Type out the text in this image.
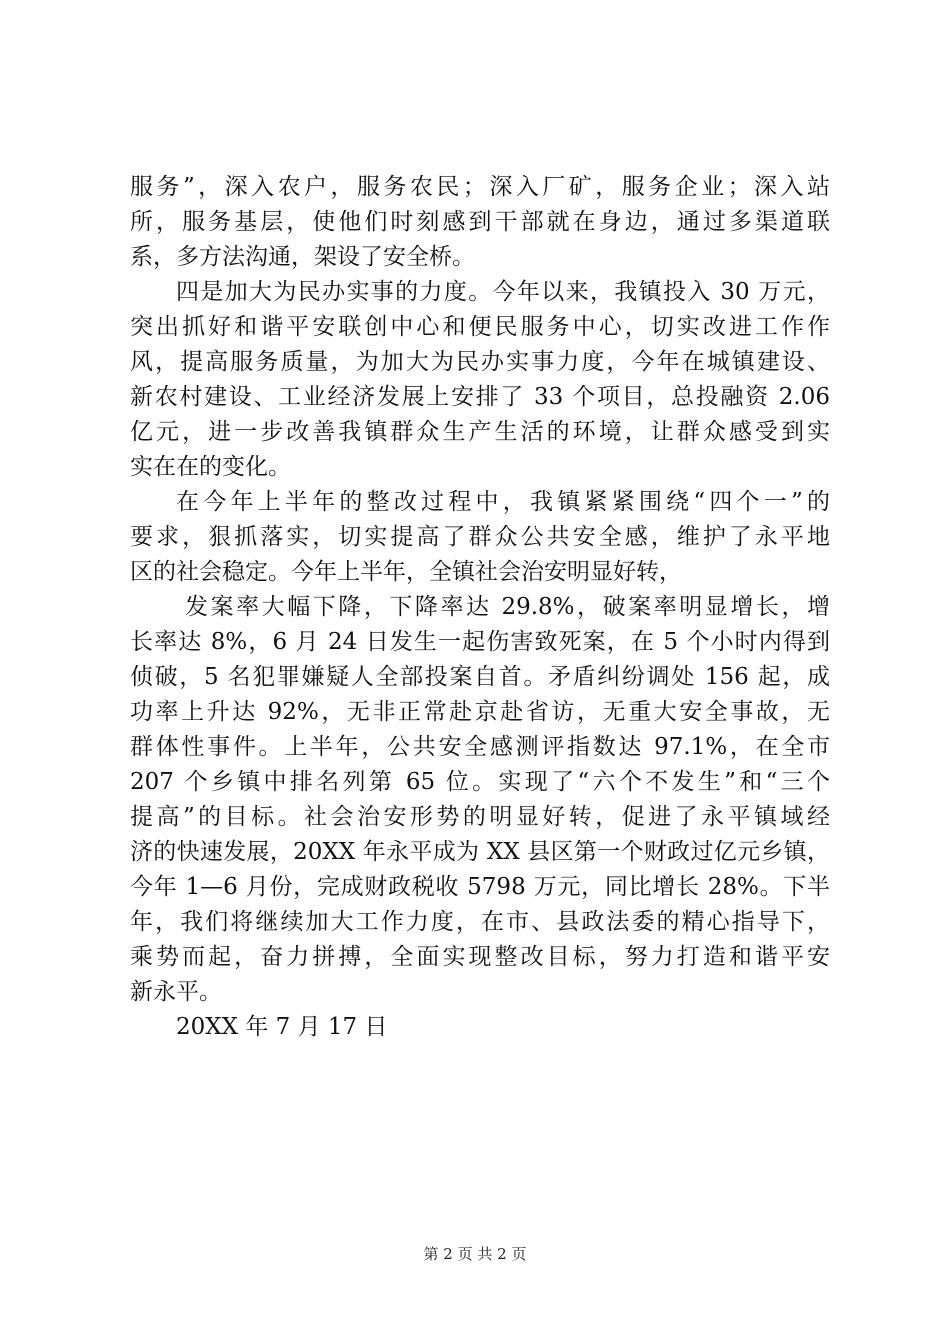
服务”，深入农户，服务农民；深入厂矿，服务企业；深入站
所，服务基层，使他们时刻感到干部就在身边，通过多渠道联
系，多方法沟通，架设了安全桥。
四是加大为民办实事的力度。今年以来，我镇投入 30 万元，
突出抓好和谐平安联创中心和便民服务中心，切实改进工作作
风，提高服务质量，为加大为民办实事力度，今年在城镇建设、
新农村建设、工业经济发展上安排了 33 个项目，总投融资 2.06
亿元，进一步改善我镇群众生产生活的环境，让群众感受到实
实在在的变化。
在今年上半年的整改过程中，我镇紧紧围绕“四个一”的
要求，狠抓落实，切实提高了群众公共安全感，维护了永平地
区的社会稳定。今年上半年，全镇社会治安明显好转，
发案率大幅下降，下降率达 29.8%，破案率明显增长，增
长率达 8%，6 月 24 日发生一起伤害致死案，在 5 个小时内得到
侦破，5 名犯罪嫌疑人全部投案自首。矛盾纠纷调处 156 起，成
功率上升达 92%，无非正常赴京赴省访，无重大安全事故，无
群体性事件。上半年，公共安全感测评指数达 97.1%，在全市
207 个乡镇中排名列第 65 位。实现了“六个不发生”和“三个
提高”的目标。社会治安形势的明显好转，促进了永平镇域经
济的快速发展，20XX 年永平成为 XX 县区第一个财政过亿元乡镇，
今年 1—6 月份，完成财政税收 5798 万元，同比增长 28%。下半
年，我们将继续加大工作力度，在市、县政法委的精心指导下，
乘势而起，奋力拼搏，全面实现整改目标，努力打造和谐平安
新永平。
20XX 年 7 月 17 日
第 2 页 共 2 页
